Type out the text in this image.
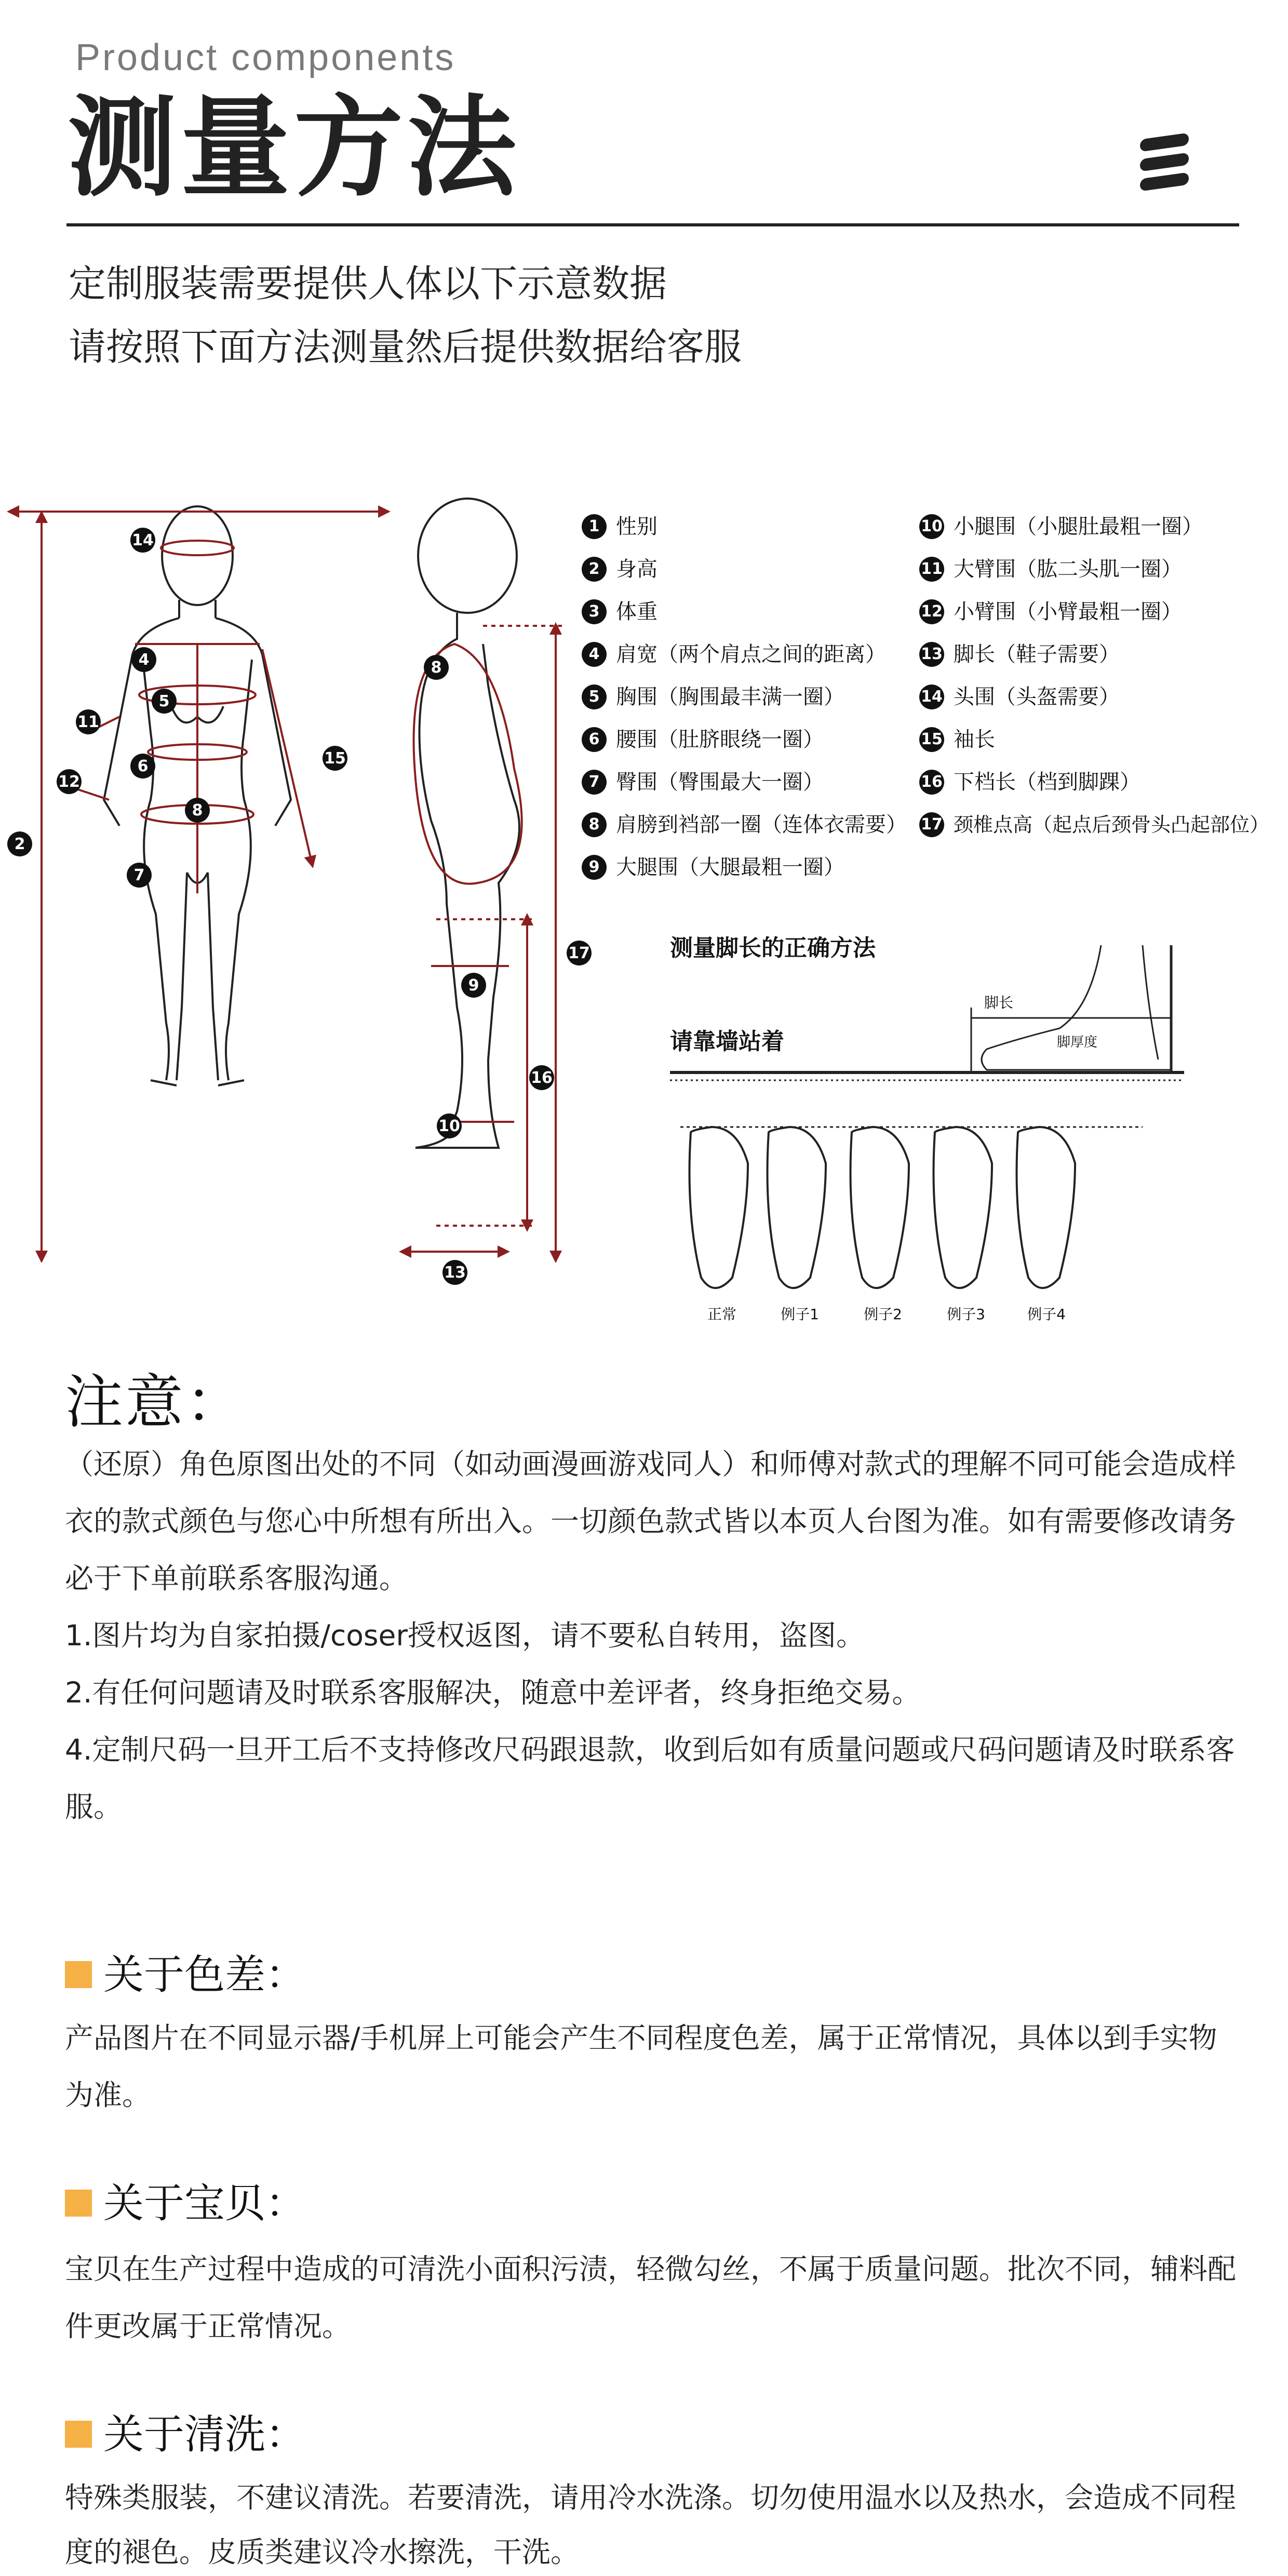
Product components
测量方法
定制服装需要提供人体以下示意数据
请按照下面方法测量然后提供数据给客服
14
4
5
11
6
12
8
7
2
15
8
17
9
16
10
13
测量脚长的正确方法
请靠墙站着
脚长
脚厚度
正常	例子1	例子2	例子3	例子4
1 性别
2 身高
3 体重
4 肩宽（两个肩点之间的距离）
5 胸围（胸围最丰满一圈）
6 腰围（肚脐眼绕一圈）
7 臀围（臀围最大一圈）
8 肩膀到裆部一圈（连体衣需要）
9 大腿围（大腿最粗一圈）
10 小腿围（小腿肚最粗一圈）
11 大臂围（肱二头肌一圈）
12 小臂围（小臂最粗一圈）
13 脚长（鞋子需要）
14 头围（头盔需要）
15 袖长
16 下档长（档到脚踝）
17 颈椎点高（起点后颈骨头凸起部位）
注意：
（还原）角色原图出处的不同（如动画漫画游戏同人）和师傅对款式的理解不同可能会造成样
衣的款式颜色与您心中所想有所出入。一切颜色款式皆以本页人台图为准。如有需要修改请务
必于下单前联系客服沟通。
1.图片均为自家拍摄/coser授权返图，请不要私自转用，盗图。
2.有任何问题请及时联系客服解决，随意中差评者，终身拒绝交易。
4.定制尺码一旦开工后不支持修改尺码跟退款，收到后如有质量问题或尺码问题请及时联系客
服。
关于色差：
产品图片在不同显示器/手机屏上可能会产生不同程度色差，属于正常情况，具体以到手实物
为准。
关于宝贝：
宝贝在生产过程中造成的可清洗小面积污渍，轻微勾丝，不属于质量问题。批次不同，辅料配
件更改属于正常情况。
关于清洗：
特殊类服装，不建议清洗。若要清洗，请用冷水洗涤。切勿使用温水以及热水，会造成不同程
度的褪色。皮质类建议冷水擦洗，干洗。
